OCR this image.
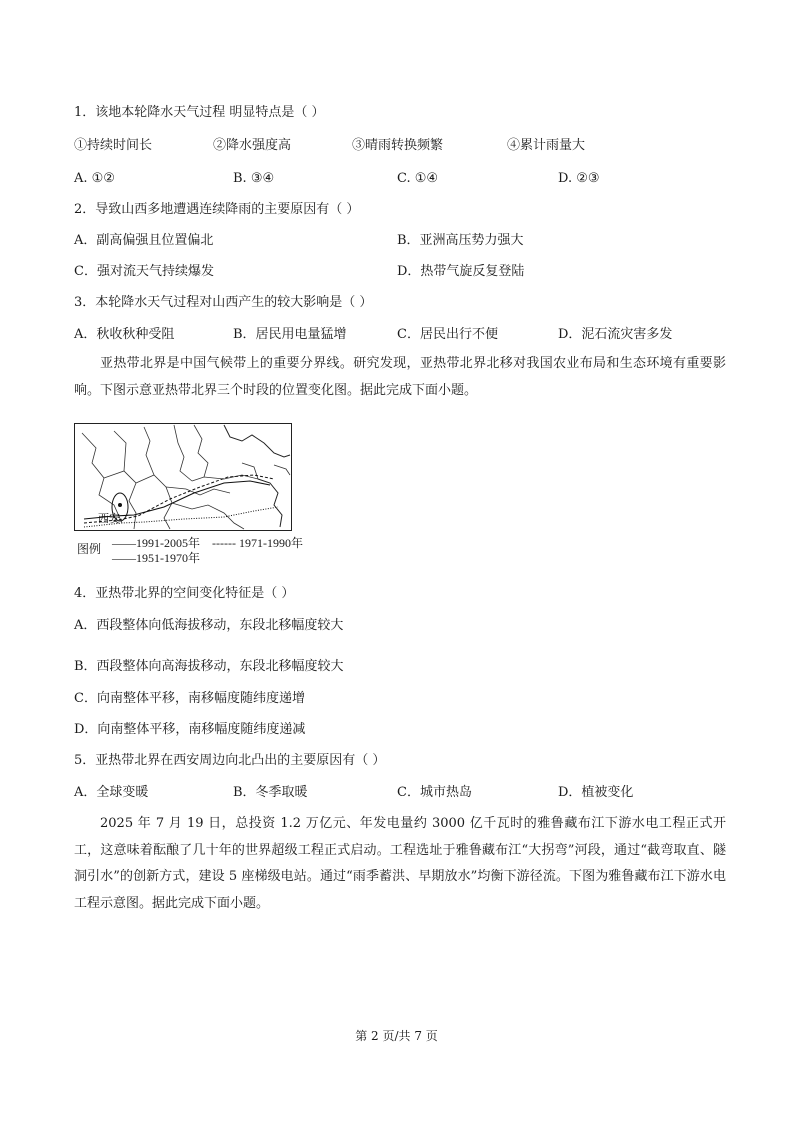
1．该地本轮降水天气过程 明显特点是（ ）
①持续时间长	②降水强度高	③晴雨转换频繁	④累计雨量大
A. ①②	B. ③④	C. ①④	D. ②③
2．导致山西多地遭遇连续降雨的主要原因有（ ）
A．副高偏强且位置偏北	B．亚洲高压势力强大
C．强对流天气持续爆发	D．热带气旋反复登陆
3．本轮降水天气过程对山西产生的较大影响是（ ）
A．秋收秋种受阻	B．居民用电量猛增	C．居民出行不便	D．泥石流灾害多发
亚热带北界是中国气候带上的重要分界线。研究发现，亚热带北界北移对我国农业布局和生态环境有重要影响。下图示意亚热带北界三个时段的位置变化图。据此完成下面小题。
西安
图例 ——1991-2005年 ------ 1971-1990年
——1951-1970年
4．亚热带北界的空间变化特征是（ ）
A．西段整体向低海拔移动，东段北移幅度较大
B．西段整体向高海拔移动，东段北移幅度较大
C．向南整体平移，南移幅度随纬度递增
D．向南整体平移，南移幅度随纬度递减
5．亚热带北界在西安周边向北凸出的主要原因有（ ）
A．全球变暖	B．冬季取暖	C．城市热岛	D．植被变化
2025 年 7 月 19 日，总投资 1.2 万亿元、年发电量约 3000 亿千瓦时的雅鲁藏布江下游水电工程正式开工，这意味着酝酿了几十年的世界超级工程正式启动。工程选址于雅鲁藏布江“大拐弯”河段，通过“截弯取直、隧洞引水”的创新方式，建设 5 座梯级电站。通过“雨季蓄洪、早期放水”均衡下游径流。下图为雅鲁藏布江下游水电工程示意图。据此完成下面小题。
第 2 页/共 7 页
